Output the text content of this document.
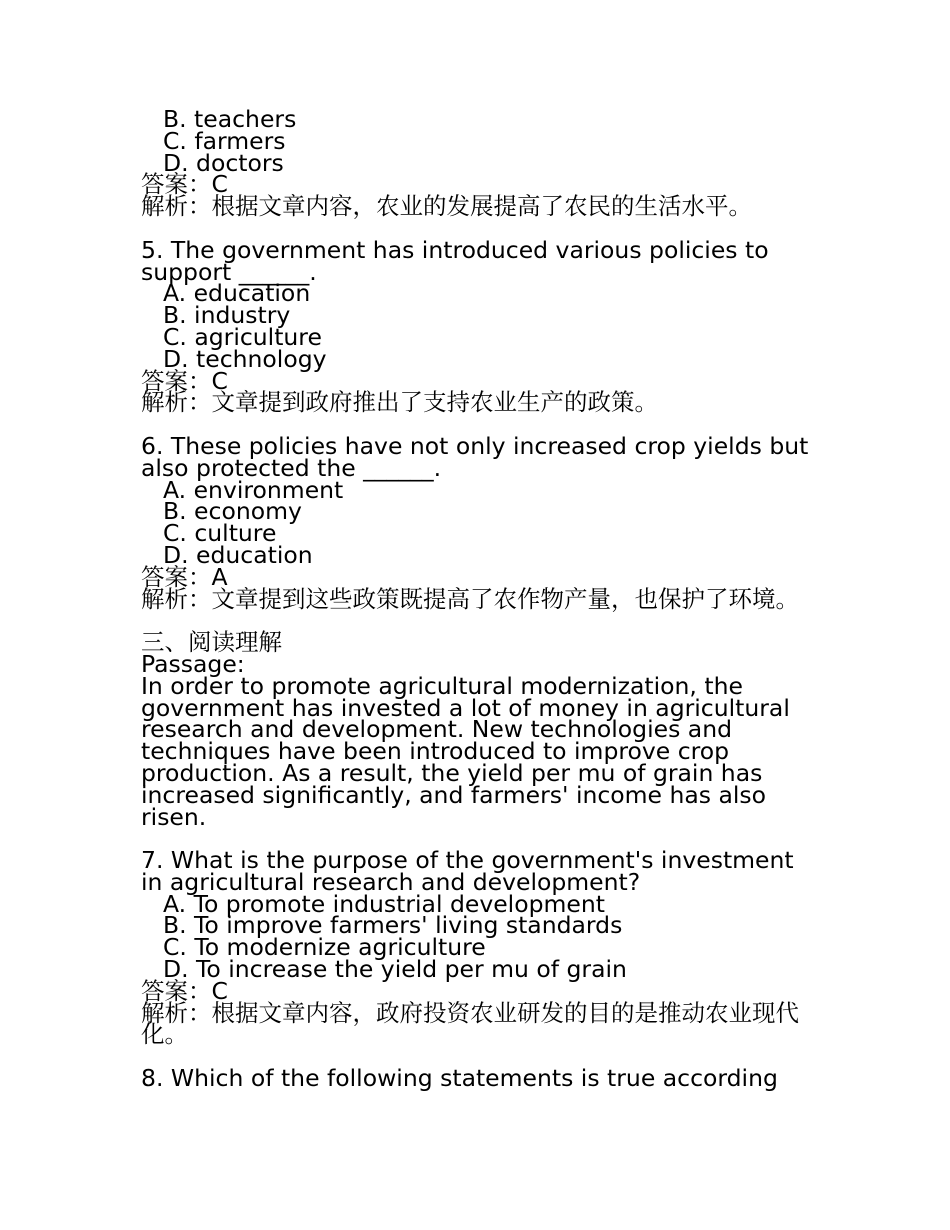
B. teachers
C. farmers
D. doctors
答案：C
解析：根据文章内容，农业的发展提高了农民的生活水平。
5. The government has introduced various policies to support ______.
A. education
B. industry
C. agriculture
D. technology
答案：C
解析：文章提到政府推出了支持农业生产的政策。
6. These policies have not only increased crop yields but also protected the ______.
A. environment
B. economy
C. culture
D. education
答案：A
解析：文章提到这些政策既提高了农作物产量，也保护了环境。
三、阅读理解
Passage:
In order to promote agricultural modernization, the government has invested a lot of money in agricultural research and development. New technologies and techniques have been introduced to improve crop production. As a result, the yield per mu of grain has increased significantly, and farmers' income has also risen.
7. What is the purpose of the government's investment in agricultural research and development?
A. To promote industrial development
B. To improve farmers' living standards
C. To modernize agriculture
D. To increase the yield per mu of grain
答案：C
解析：根据文章内容，政府投资农业研发的目的是推动农业现代化。
8. Which of the following statements is true according
